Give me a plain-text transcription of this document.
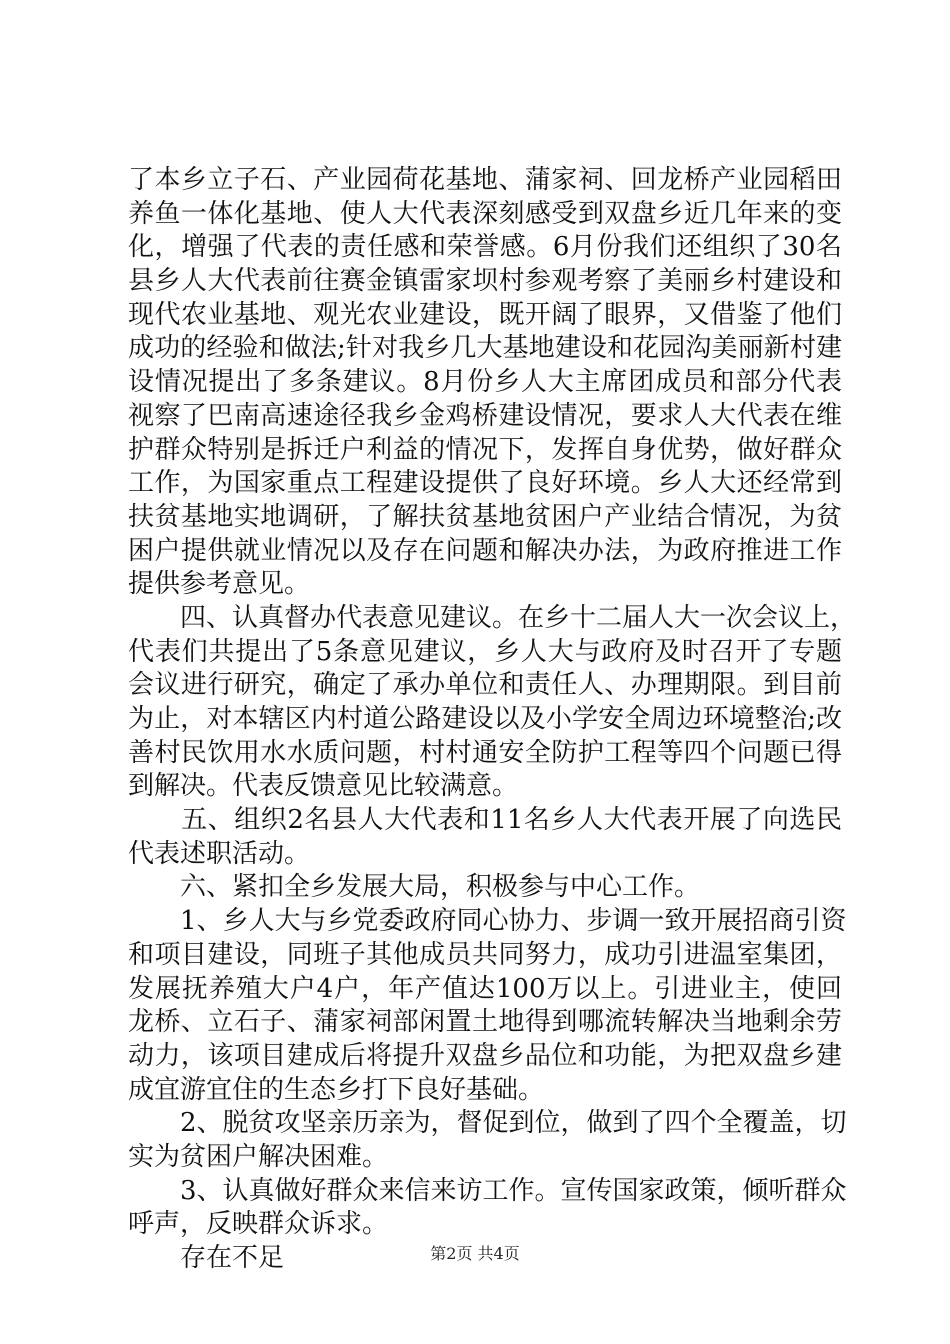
了本乡立子石、产业园荷花基地、蒲家祠、回龙桥产业园稻田
养鱼一体化基地、使人大代表深刻感受到双盘乡近几年来的变
化，增强了代表的责任感和荣誉感。6月份我们还组织了30名
县乡人大代表前往赛金镇雷家坝村参观考察了美丽乡村建设和
现代农业基地、观光农业建设，既开阔了眼界，又借鉴了他们
成功的经验和做法;针对我乡几大基地建设和花园沟美丽新村建
设情况提出了多条建议。8月份乡人大主席团成员和部分代表
视察了巴南高速途径我乡金鸡桥建设情况，要求人大代表在维
护群众特别是拆迁户利益的情况下，发挥自身优势，做好群众
工作，为国家重点工程建设提供了良好环境。乡人大还经常到
扶贫基地实地调研，了解扶贫基地贫困户产业结合情况，为贫
困户提供就业情况以及存在问题和解决办法，为政府推进工作
提供参考意见。
　　四、认真督办代表意见建议。在乡十二届人大一次会议上，
代表们共提出了5条意见建议，乡人大与政府及时召开了专题
会议进行研究，确定了承办单位和责任人、办理期限。到目前
为止，对本辖区内村道公路建设以及小学安全周边环境整治;改
善村民饮用水水质问题，村村通安全防护工程等四个问题已得
到解决。代表反馈意见比较满意。
　　五、组织2名县人大代表和11名乡人大代表开展了向选民
代表述职活动。
　　六、紧扣全乡发展大局，积极参与中心工作。
　　1、乡人大与乡党委政府同心协力、步调一致开展招商引资
和项目建设，同班子其他成员共同努力，成功引进温室集团，
发展抚养殖大户4户，年产值达100万以上。引进业主，使回
龙桥、立石子、蒲家祠部闲置土地得到哪流转解决当地剩余劳
动力，该项目建成后将提升双盘乡品位和功能，为把双盘乡建
成宜游宜住的生态乡打下良好基础。
　　2、脱贫攻坚亲历亲为，督促到位，做到了四个全覆盖，切
实为贫困户解决困难。
　　3、认真做好群众来信来访工作。宣传国家政策，倾听群众
呼声，反映群众诉求。
　　存在不足	第2页 共4页
